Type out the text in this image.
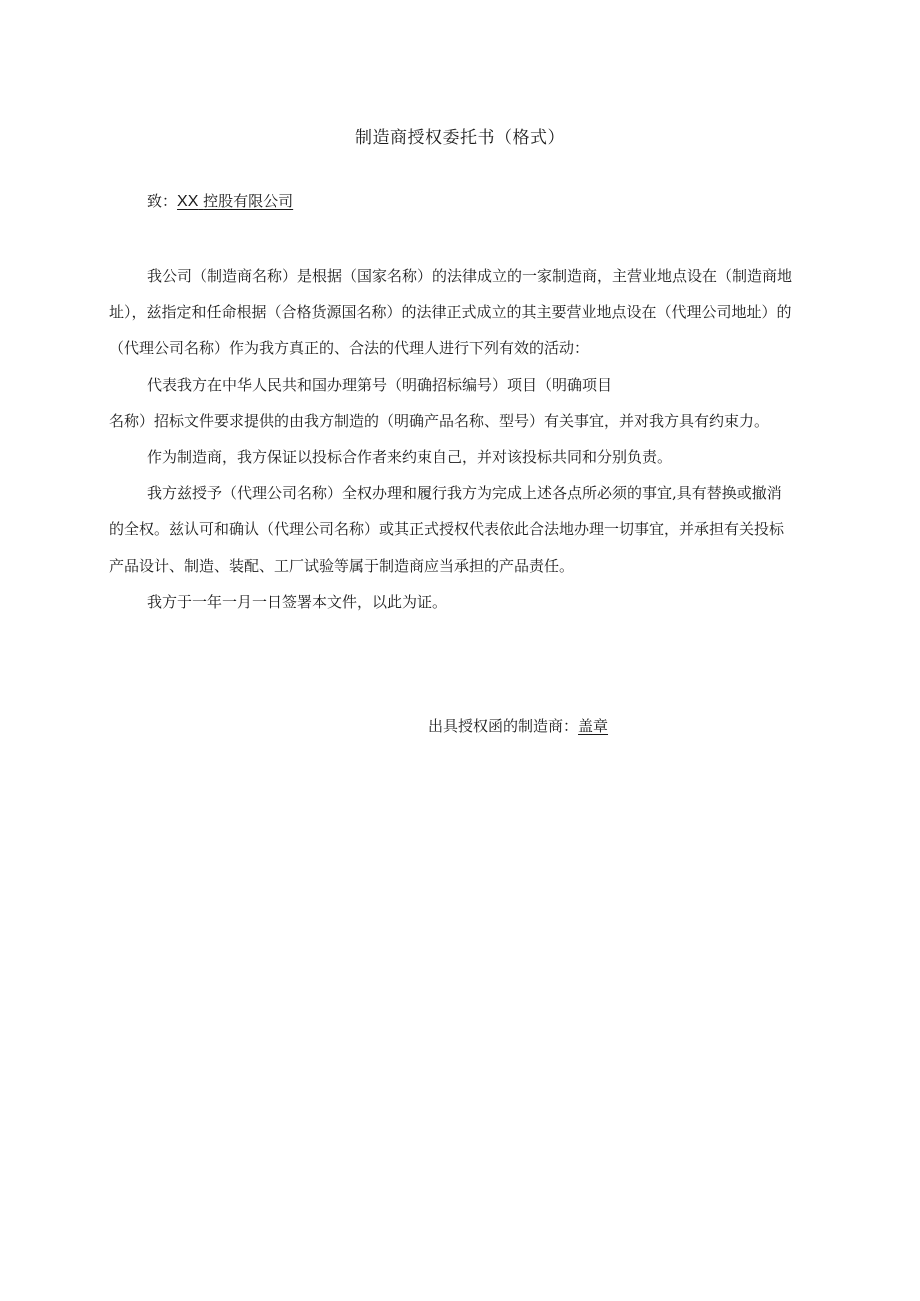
制造商授权委托书（格式）
致：XX 控股有限公司

我公司（制造商名称）是根据（国家名称）的法律成立的一家制造商，主营业地点设在（制造商地

址），兹指定和任命根据（合格货源国名称）的法律正式成立的其主要营业地点设在（代理公司地址）的

（代理公司名称）作为我方真正的、合法的代理人进行下列有效的活动：

代表我方在中华人民共和国办理第号（明确招标编号）项目（明确项目

名称）招标文件要求提供的由我方制造的（明确产品名称、型号）有关事宜，并对我方具有约束力。

作为制造商，我方保证以投标合作者来约束自己，并对该投标共同和分别负责。

我方兹授予（代理公司名称）全权办理和履行我方为完成上述各点所必须的事宜,具有替换或撤消

的全权。兹认可和确认（代理公司名称）或其正式授权代表依此合法地办理一切事宜，并承担有关投标

产品设计、制造、装配、工厂试验等属于制造商应当承担的产品责任。

我方于一年一月一日签署本文件，以此为证。

出具授权函的制造商：盖章
